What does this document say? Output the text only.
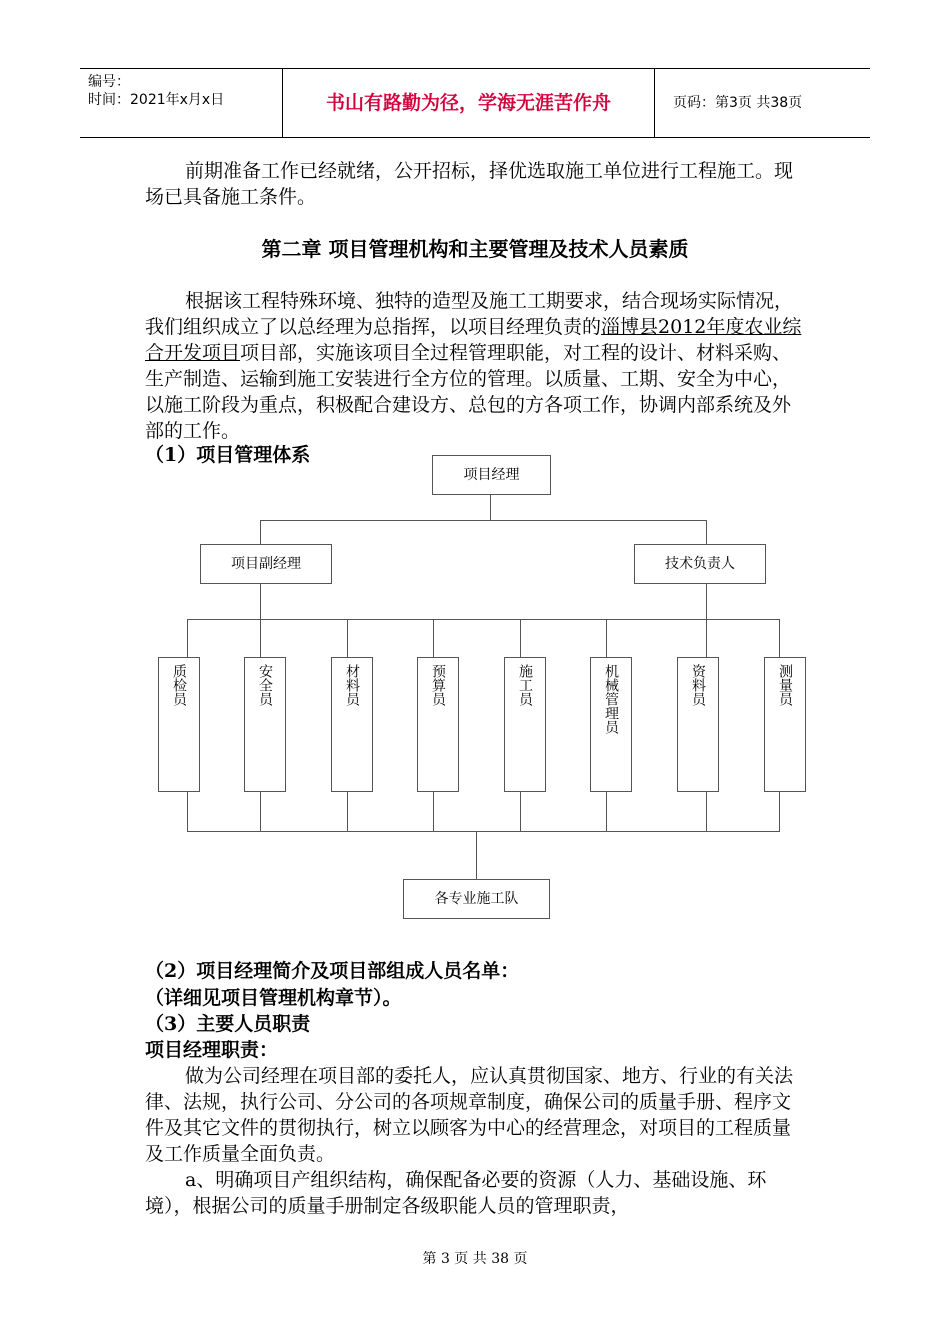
编号：
时间：2021年x月x日	书山有路勤为径，学海无涯苦作舟	页码：第3页 共38页

前期准备工作已经就绪，公开招标，择优选取施工单位进行工程施工。现场已具备施工条件。

第二章 项目管理机构和主要管理及技术人员素质

根据该工程特殊环境、独特的造型及施工工期要求，结合现场实际情况，我们组织成立了以总经理为总指挥，以项目经理负责的淄博县2012年度农业综合开发项目项目部，实施该项目全过程管理职能，对工程的设计、材料采购、生产制造、运输到施工安装进行全方位的管理。以质量、工期、安全为中心，以施工阶段为重点，积极配合建设方、总包的方各项工作，协调内部系统及外部的工作。

（1）项目管理体系

项目经理
项目副经理	技术负责人
质检员	安全员	材料员	预算员	施工员	机械管理员	资料员	测量员
各专业施工队

（2）项目经理简介及项目部组成人员名单：

（详细见项目管理机构章节）。

（3）主要人员职责

项目经理职责：

做为公司经理在项目部的委托人，应认真贯彻国家、地方、行业的有关法律、法规，执行公司、分公司的各项规章制度，确保公司的质量手册、程序文件及其它文件的贯彻执行，树立以顾客为中心的经营理念，对项目的工程质量及工作质量全面负责。

a、明确项目产组织结构，确保配备必要的资源（人力、基础设施、环境），根据公司的质量手册制定各级职能人员的管理职责，

第 3 页 共 38 页
